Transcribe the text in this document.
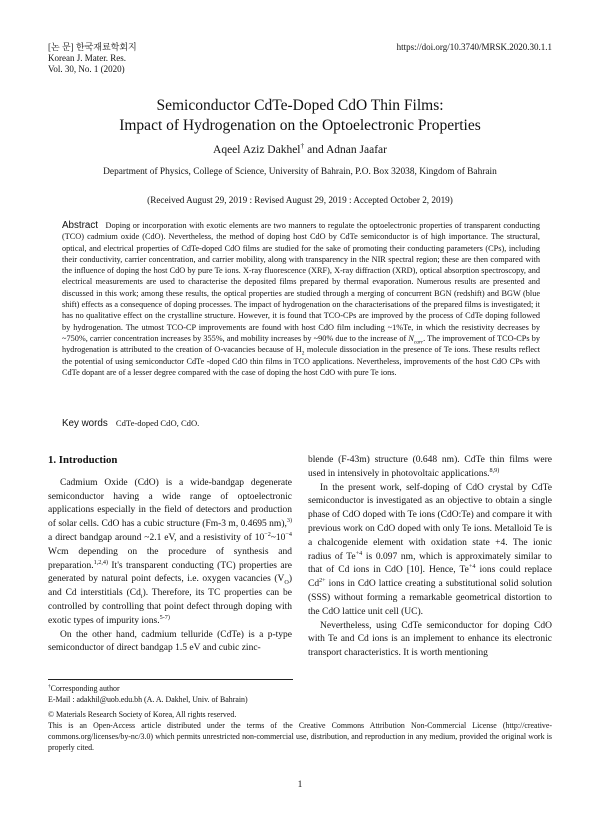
[논 문] 한국재료학회지
Korean J. Mater. Res.
Vol. 30, No. 1 (2020)
https://doi.org/10.3740/MRSK.2020.30.1.1
Semiconductor CdTe-Doped CdO Thin Films:
Impact of Hydrogenation on the Optoelectronic Properties
Aqeel Aziz Dakhel† and Adnan Jaafar
Department of Physics, College of Science, University of Bahrain, P.O. Box 32038, Kingdom of Bahrain
(Received August 29, 2019 : Revised August 29, 2019 : Accepted October 2, 2019)
Abstract Doping or incorporation with exotic elements are two manners to regulate the optoelectronic properties of transparent conducting (TCO) cadmium oxide (CdO). Nevertheless, the method of doping host CdO by CdTe semiconductor is of high importance. The structural, optical, and electrical properties of CdTe-doped CdO films are studied for the sake of promoting their conducting parameters (CPs), including their conductivity, carrier concentration, and carrier mobility, along with transparency in the NIR spectral region; these are then compared with the influence of doping the host CdO by pure Te ions. X-ray fluorescence (XRF), X-ray diffraction (XRD), optical absorption spectroscopy, and electrical measurements are used to characterise the deposited films prepared by thermal evaporation. Numerous results are presented and discussed in this work; among these results, the optical properties are studied through a merging of concurrent BGN (redshift) and BGW (blue shift) effects as a consequence of doping processes. The impact of hydrogenation on the characterisations of the prepared films is investigated; it has no qualitative effect on the crystalline structure. However, it is found that TCO-CPs are improved by the process of CdTe doping followed by hydrogenation. The utmost TCO-CP improvements are found with host CdO film including ~1%Te, in which the resistivity decreases by ~750%, carrier concentration increases by 355%, and mobility increases by ~90% due to the increase of $N_{carr}$. The improvement of TCO-CPs by hydrogenation is attributed to the creation of O-vacancies because of $H_2$ molecule dissociation in the presence of Te ions. These results reflect the potential of using semiconductor CdTe -doped CdO thin films in TCO applications. Nevertheless, improvements of the host CdO CPs with CdTe dopant are of a lesser degree compared with the case of doping the host CdO with pure Te ions.
Key words CdTe-doped CdO, CdO.
1. Introduction

Cadmium Oxide (CdO) is a wide-bandgap degenerate semiconductor having a wide range of optoelectronic applications especially in the field of detectors and production of solar cells. CdO has a cubic structure (Fm-3 m, 0.4695 nm),$^{3)}$ a direct bandgap around ~2.1 eV, and a resistivity of $10^{-2}\sim 10^{-4}$ Wcm depending on the procedure of synthesis and preparation.$^{1,2,4)}$ It's transparent conducting (TC) properties are generated by natural point defects, i.e. oxygen vacancies $(V_O)$ and Cd interstitials $(Cd_i)$. Therefore, its TC properties can be controlled by controlling that point defect through doping with exotic types of impurity ions.$^{5-7)}$

On the other hand, cadmium telluride (CdTe) is a p-type semiconductor of direct bandgap 1.5 eV and cubic zinc-

blende (F-43m) structure (0.648 nm). CdTe thin films were used in intensively in photovoltaic applications.$^{8,9)}$

In the present work, self-doping of CdO crystal by CdTe semiconductor is investigated as an objective to obtain a single phase of CdO doped with Te ions (CdO:Te) and compare it with previous work on CdO doped with only Te ions. Metalloid Te is a chalcogenide element with oxidation state +4. The ionic radius of $Te^{+4}$ is 0.097 nm, which is approximately similar to that of Cd ions in CdO [10]. Hence, $Te^{+4}$ ions could replace $Cd^{2+}$ ions in CdO lattice creating a substitutional solid solution (SSS) without forming a remarkable geometrical distortion to the CdO lattice unit cell (UC).

Nevertheless, using CdTe semiconductor for doping CdO with Te and Cd ions is an implement to enhance its electronic transport characteristics. It is worth mentioning

†Corresponding author

E-Mail : adakhil@uob.edu.bh (A. A. Dakhel, Univ. of Bahrain)

© Materials Research Society of Korea, All rights reserved.

This is an Open-Access article distributed under the terms of the Creative Commons Attribution Non-Commercial License (http://creative-commons.org/licenses/by-nc/3.0) which permits unrestricted non-commercial use, distribution, and reproduction in any medium, provided the original work is properly cited.

1
